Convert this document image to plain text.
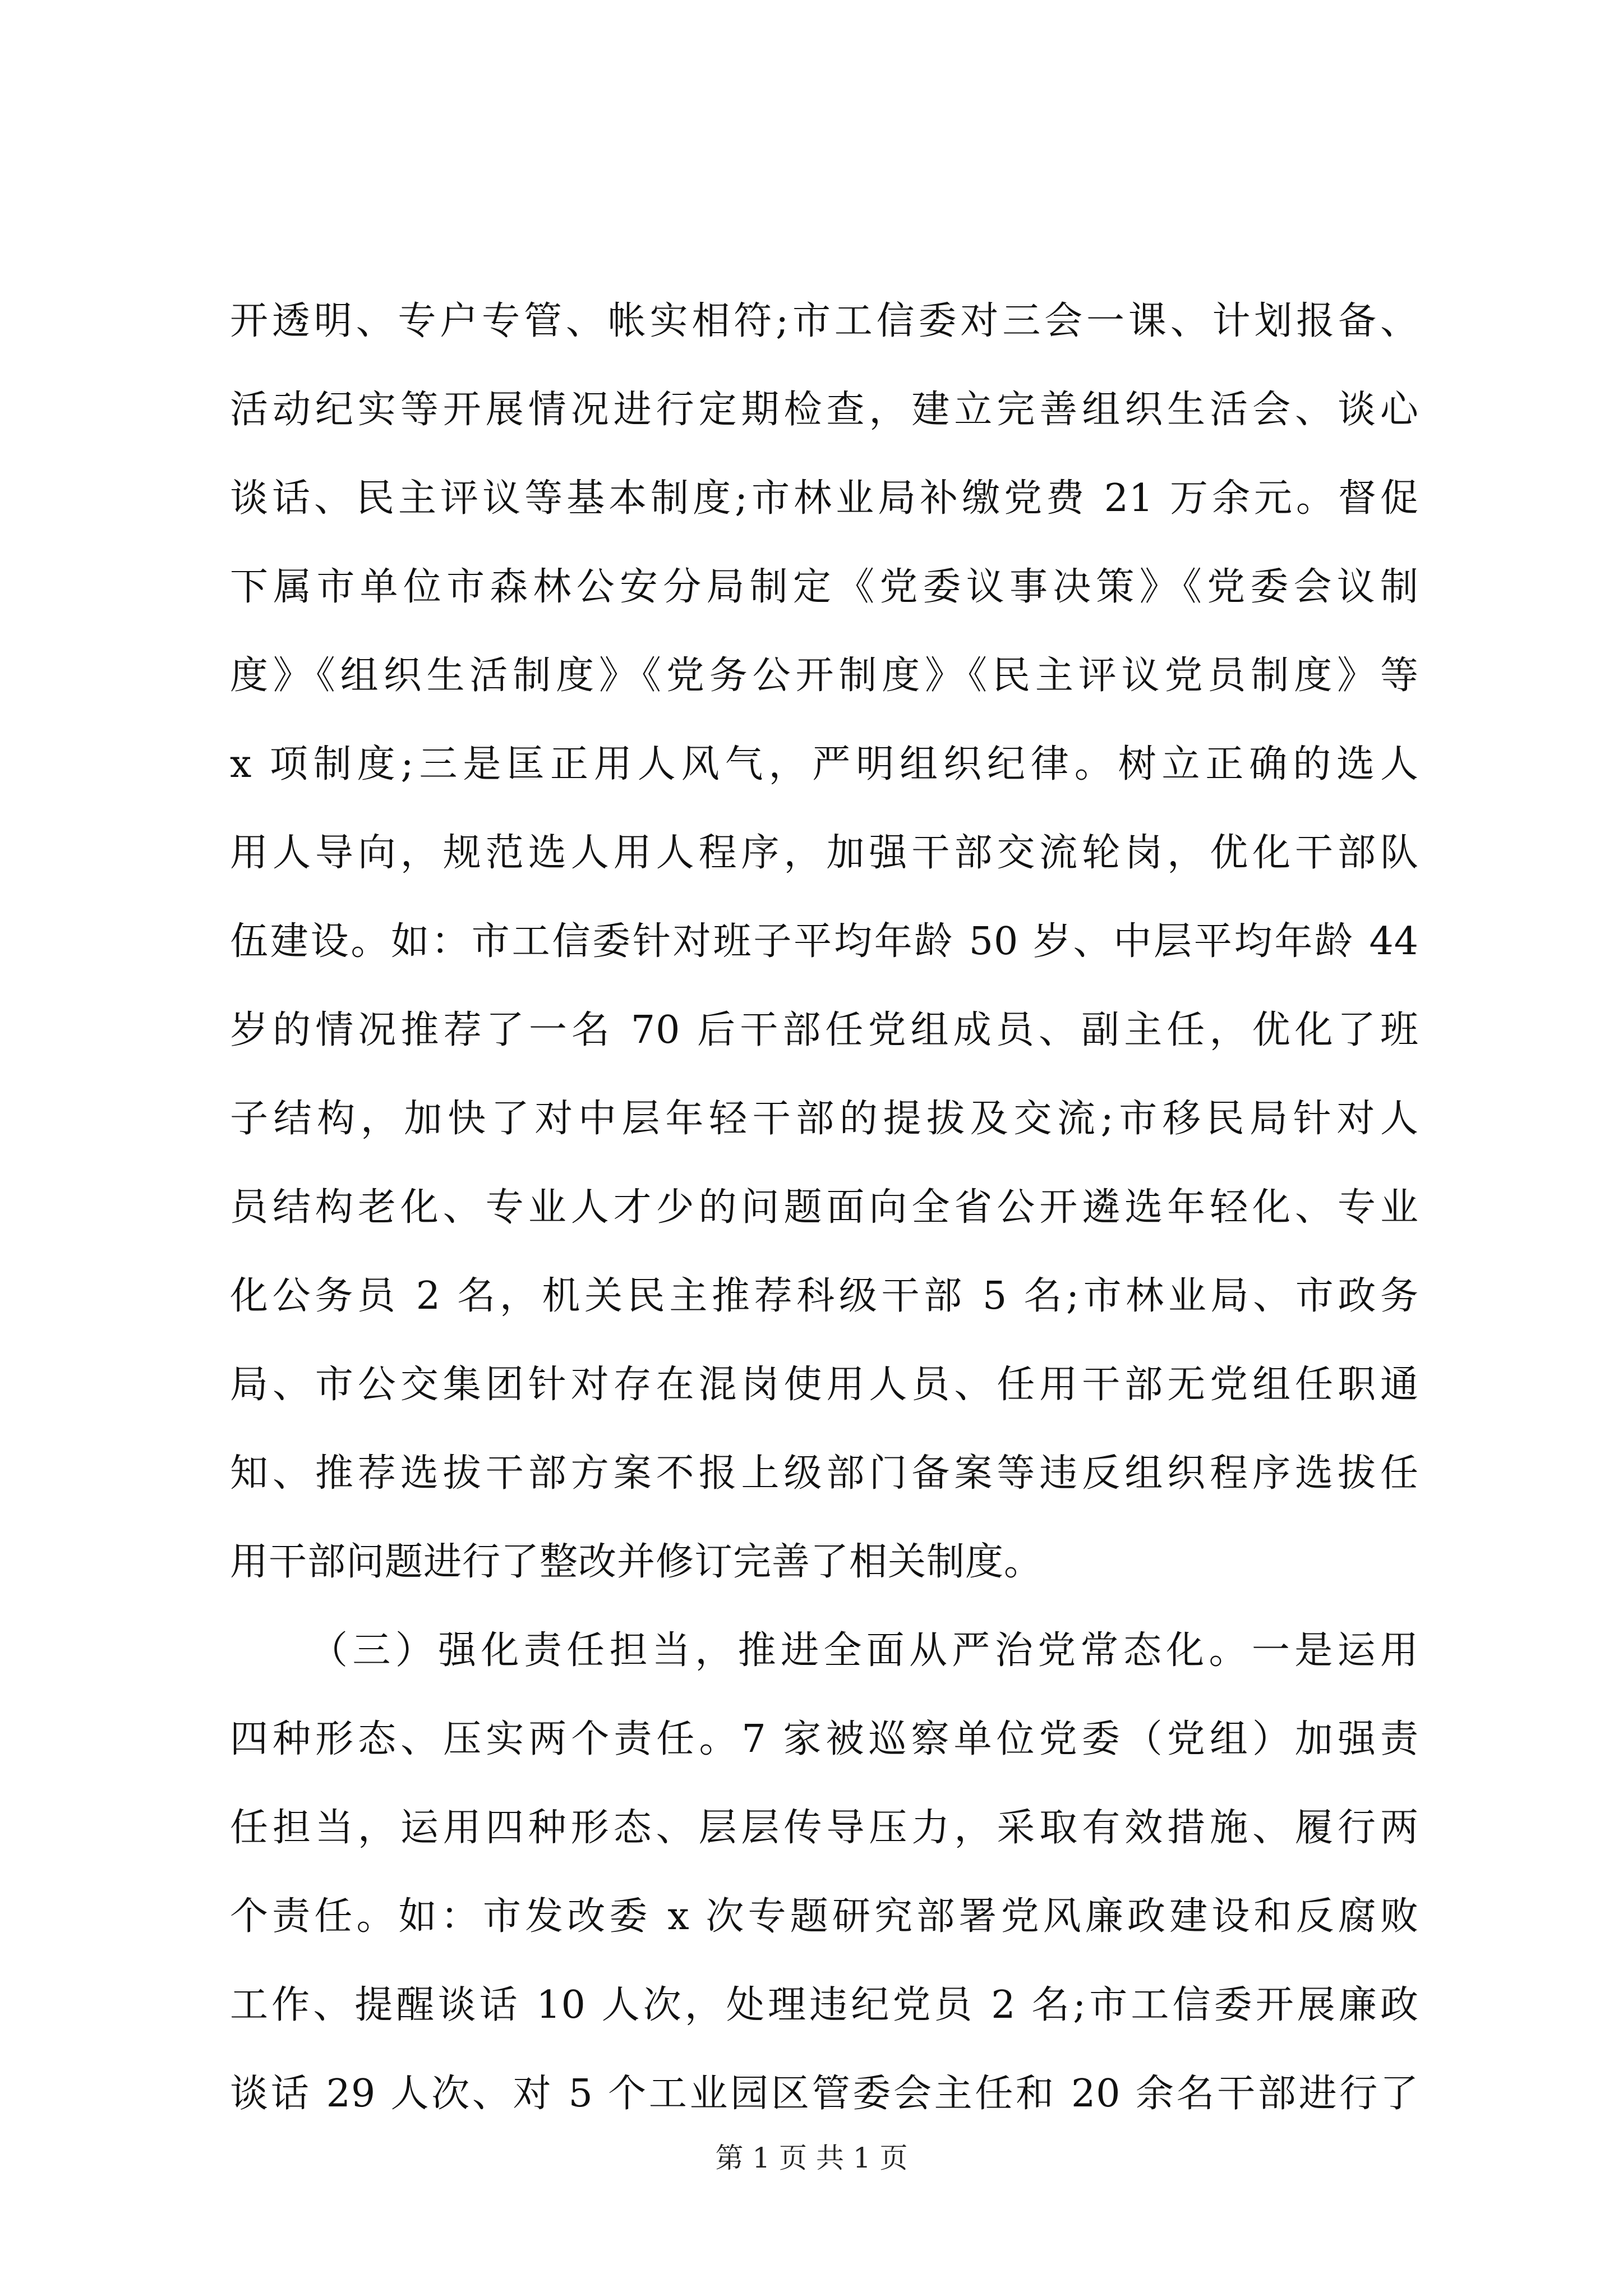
开透明、专户专管、帐实相符;市工信委对三会一课、计划报备、
活动纪实等开展情况进行定期检查，建立完善组织生活会、谈心
谈话、民主评议等基本制度;市林业局补缴党费 21 万余元。督促
下属市单位市森林公安分局制定《党委议事决策》《党委会议制
度》《组织生活制度》《党务公开制度》《民主评议党员制度》等
x 项制度;三是匡正用人风气，严明组织纪律。树立正确的选人
用人导向，规范选人用人程序，加强干部交流轮岗，优化干部队
伍建设。如：市工信委针对班子平均年龄 50 岁、中层平均年龄 44
岁的情况推荐了一名 70 后干部任党组成员、副主任，优化了班
子结构，加快了对中层年轻干部的提拔及交流;市移民局针对人
员结构老化、专业人才少的问题面向全省公开遴选年轻化、专业
化公务员 2 名，机关民主推荐科级干部 5 名;市林业局、市政务
局、市公交集团针对存在混岗使用人员、任用干部无党组任职通
知、推荐选拔干部方案不报上级部门备案等违反组织程序选拔任
用干部问题进行了整改并修订完善了相关制度。
（三）强化责任担当，推进全面从严治党常态化。一是运用
四种形态、压实两个责任。7 家被巡察单位党委（党组）加强责
任担当，运用四种形态、层层传导压力，采取有效措施、履行两
个责任。如：市发改委 x 次专题研究部署党风廉政建设和反腐败
工作、提醒谈话 10 人次，处理违纪党员 2 名;市工信委开展廉政
谈话 29 人次、对 5 个工业园区管委会主任和 20 余名干部进行了
第 1 页 共 1 页
